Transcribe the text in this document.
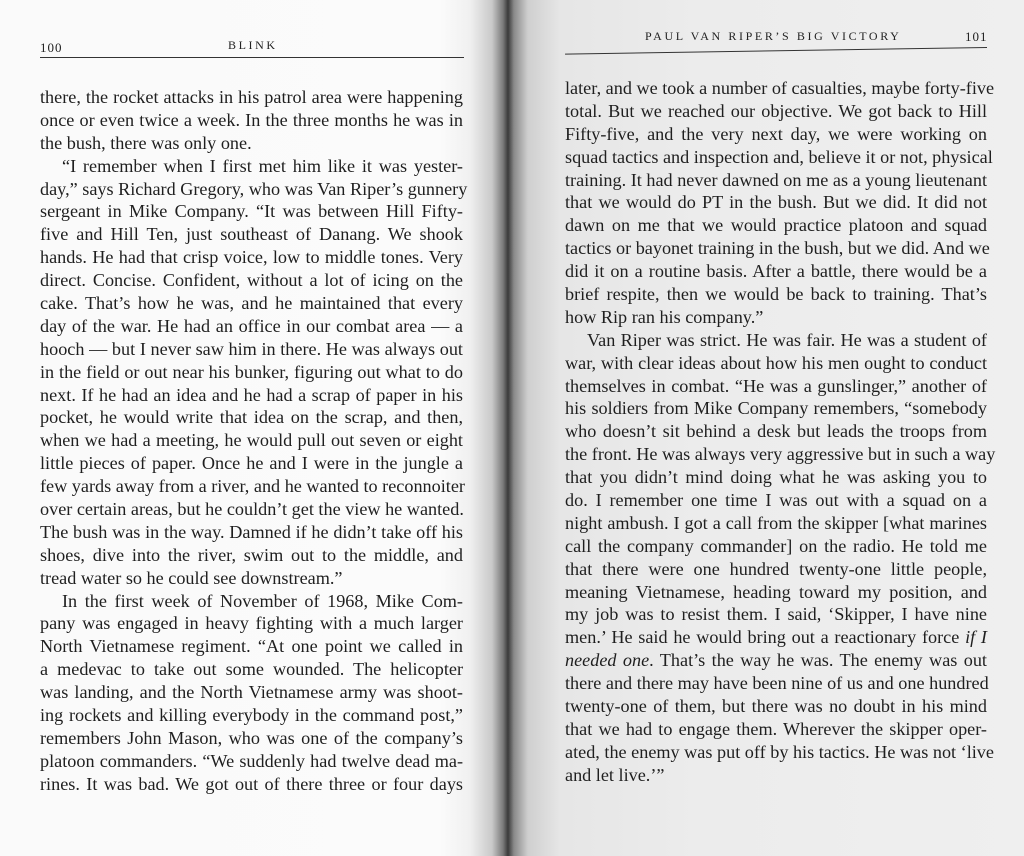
100	BLINK
there, the rocket attacks in his patrol area were happening
once or even twice a week. In the three months he was in
the bush, there was only one.
“I remember when I first met him like it was yester-
day,” says Richard Gregory, who was Van Riper’s gunnery
sergeant in Mike Company. “It was between Hill Fifty-
five and Hill Ten, just southeast of Danang. We shook
hands. He had that crisp voice, low to middle tones. Very
direct. Concise. Confident, without a lot of icing on the
cake. That’s how he was, and he maintained that every
day of the war. He had an office in our combat area — a
hooch — but I never saw him in there. He was always out
in the field or out near his bunker, figuring out what to do
next. If he had an idea and he had a scrap of paper in his
pocket, he would write that idea on the scrap, and then,
when we had a meeting, he would pull out seven or eight
little pieces of paper. Once he and I were in the jungle a
few yards away from a river, and he wanted to reconnoiter
over certain areas, but he couldn’t get the view he wanted.
The bush was in the way. Damned if he didn’t take off his
shoes, dive into the river, swim out to the middle, and
tread water so he could see downstream.”
In the first week of November of 1968, Mike Com-
pany was engaged in heavy fighting with a much larger
North Vietnamese regiment. “At one point we called in
a medevac to take out some wounded. The helicopter
was landing, and the North Vietnamese army was shoot-
ing rockets and killing everybody in the command post,”
remembers John Mason, who was one of the company’s
platoon commanders. “We suddenly had twelve dead ma-
rines. It was bad. We got out of there three or four days
PAUL VAN RIPER’S BIG VICTORY	101
later, and we took a number of casualties, maybe forty-five
total. But we reached our objective. We got back to Hill
Fifty-five, and the very next day, we were working on
squad tactics and inspection and, believe it or not, physical
training. It had never dawned on me as a young lieutenant
that we would do PT in the bush. But we did. It did not
dawn on me that we would practice platoon and squad
tactics or bayonet training in the bush, but we did. And we
did it on a routine basis. After a battle, there would be a
brief respite, then we would be back to training. That’s
how Rip ran his company.”
Van Riper was strict. He was fair. He was a student of
war, with clear ideas about how his men ought to conduct
themselves in combat. “He was a gunslinger,” another of
his soldiers from Mike Company remembers, “somebody
who doesn’t sit behind a desk but leads the troops from
the front. He was always very aggressive but in such a way
that you didn’t mind doing what he was asking you to
do. I remember one time I was out with a squad on a
night ambush. I got a call from the skipper [what marines
call the company commander] on the radio. He told me
that there were one hundred twenty-one little people,
meaning Vietnamese, heading toward my position, and
my job was to resist them. I said, ‘Skipper, I have nine
men.’ He said he would bring out a reactionary force if I
needed one. That’s the way he was. The enemy was out
there and there may have been nine of us and one hundred
twenty-one of them, but there was no doubt in his mind
that we had to engage them. Wherever the skipper oper-
ated, the enemy was put off by his tactics. He was not ‘live
and let live.’”
